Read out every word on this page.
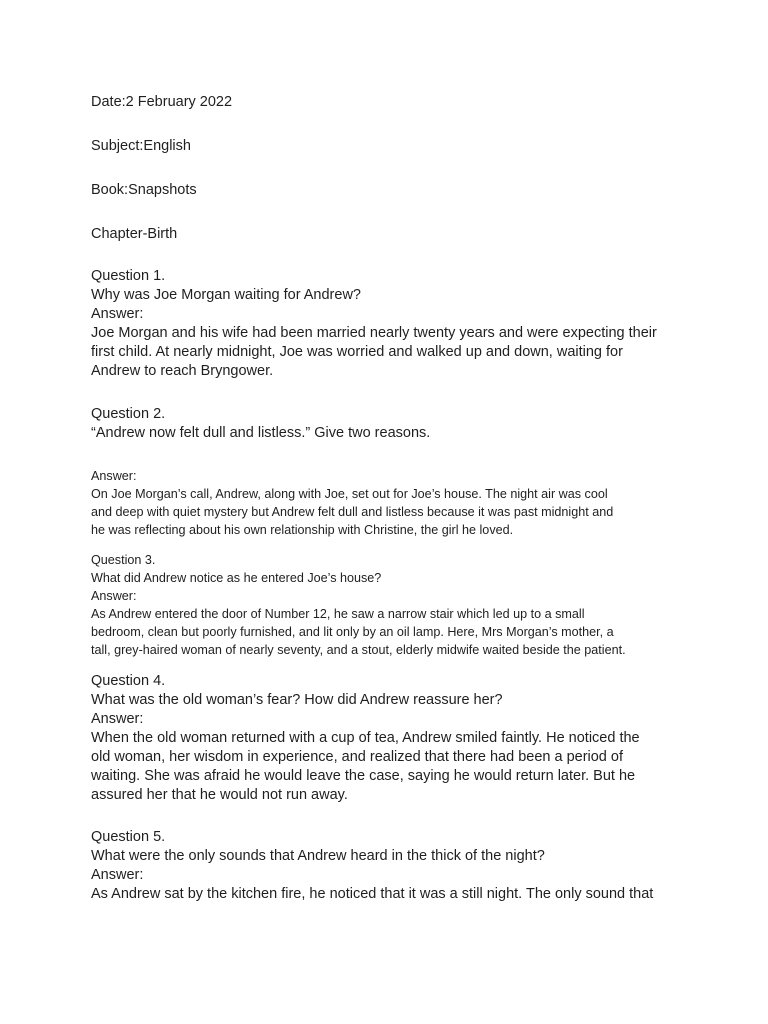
Date:2 February 2022
Subject:English
Book:Snapshots
Chapter-Birth
Question 1.
Why was Joe Morgan waiting for Andrew?
Answer:
Joe Morgan and his wife had been married nearly twenty years and were expecting their
first child. At nearly midnight, Joe was worried and walked up and down, waiting for
Andrew to reach Bryngower.
Question 2.
“Andrew now felt dull and listless.” Give two reasons.
Answer:
On Joe Morgan’s call, Andrew, along with Joe, set out for Joe’s house. The night air was cool
and deep with quiet mystery but Andrew felt dull and listless because it was past midnight and
he was reflecting about his own relationship with Christine, the girl he loved.
Question 3.
What did Andrew notice as he entered Joe’s house?
Answer:
As Andrew entered the door of Number 12, he saw a narrow stair which led up to a small
bedroom, clean but poorly furnished, and lit only by an oil lamp. Here, Mrs Morgan’s mother, a
tall, grey-haired woman of nearly seventy, and a stout, elderly midwife waited beside the patient.
Question 4.
What was the old woman’s fear? How did Andrew reassure her?
Answer:
When the old woman returned with a cup of tea, Andrew smiled faintly. He noticed the
old woman, her wisdom in experience, and realized that there had been a period of
waiting. She was afraid he would leave the case, saying he would return later. But he
assured her that he would not run away.
Question 5.
What were the only sounds that Andrew heard in the thick of the night?
Answer:
As Andrew sat by the kitchen fire, he noticed that it was a still night. The only sound that
